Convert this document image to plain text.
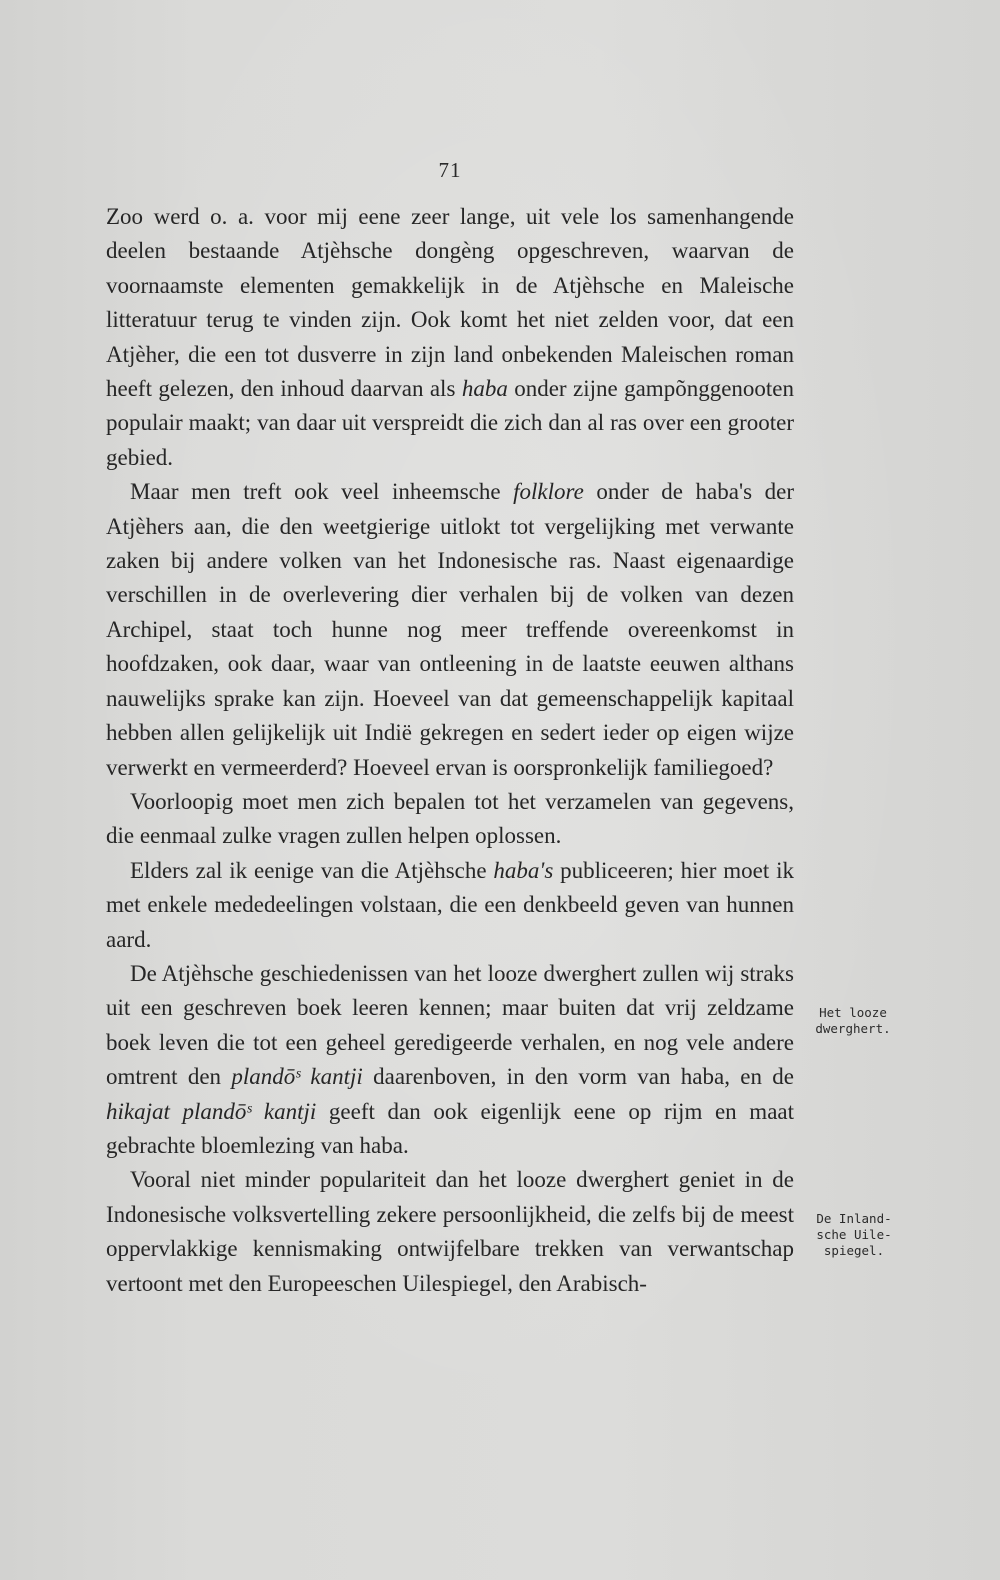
71

Zoo werd o. a. voor mij eene zeer lange, uit vele los samenhangende deelen bestaande Atjèhsche dongèng opgeschreven, waarvan de voornaamste elementen gemakkelijk in de Atjèhsche en Maleische litteratuur terug te vinden zijn. Ook komt het niet zelden voor, dat een Atjèher, die een tot dusverre in zijn land onbekenden Maleischen roman heeft gelezen, den inhoud daarvan als haba onder zijne gampõnggenooten populair maakt; van daar uit verspreidt die zich dan al ras over een grooter gebied.

Maar men treft ook veel inheemsche folklore onder de haba's der Atjèhers aan, die den weetgierige uitlokt tot vergelijking met verwante zaken bij andere volken van het Indonesische ras. Naast eigenaardige verschillen in de overlevering dier verhalen bij de volken van dezen Archipel, staat toch hunne nog meer treffende overeenkomst in hoofdzaken, ook daar, waar van ontleening in de laatste eeuwen althans nauwelijks sprake kan zijn. Hoeveel van dat gemeenschappelijk kapitaal hebben allen gelijkelijk uit Indië gekregen en sedert ieder op eigen wijze verwerkt en vermeerderd? Hoeveel ervan is oorspronkelijk familiegoed?

Voorloopig moet men zich bepalen tot het verzamelen van gegevens, die eenmaal zulke vragen zullen helpen oplossen.

Elders zal ik eenige van die Atjèhsche haba's publiceeren; hier moet ik met enkele mededeelingen volstaan, die een denkbeeld geven van hunnen aard.

De Atjèhsche geschiedenissen van het looze dwerghert zullen wij straks uit een geschreven boek leeren kennen; maar buiten dat vrij zeldzame boek leven die tot een geheel geredigeerde verhalen, en nog vele andere omtrent den plandōˢ kantji daarenboven, in den vorm van haba, en de hikajat plandōˢ kantji geeft dan ook eigenlijk eene op rijm en maat gebrachte bloemlezing van haba.

Vooral niet minder populariteit dan het looze dwerghert geniet in de Indonesische volksvertelling zekere persoonlijkheid, die zelfs bij de meest oppervlakkige kennismaking ontwijfelbare trekken van verwantschap vertoont met den Europeeschen Uilespiegel, den Arabisch-

Het looze
dwerghert.
De Inland-
sche Uile-
spiegel.
